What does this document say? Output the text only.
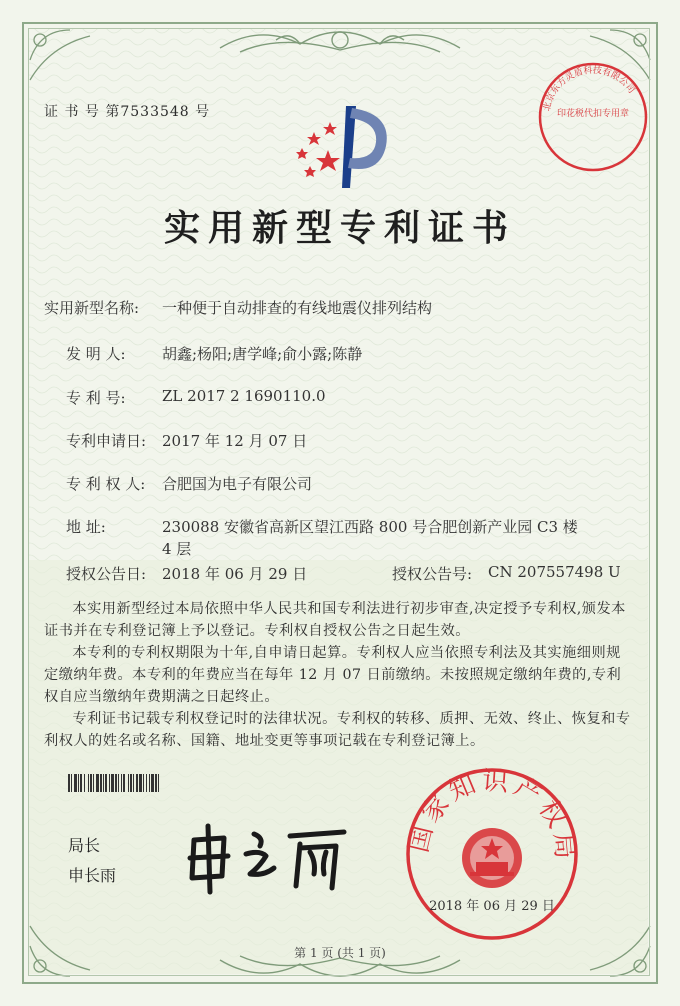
证 书 号 第7533548 号	北京东方灵盾科技有限公司
印花税代扣专用章
实用新型专利证书
实用新型名称: 一种便于自动排查的有线地震仪排列结构
发 明 人: 胡鑫;杨阳;唐学峰;俞小露;陈静
专 利 号: ZL 2017 2 1690110.0
专利申请日: 2017 年 12 月 07 日
专 利 权 人: 合肥国为电子有限公司
地 址:	230088 安徽省高新区望江西路 800 号合肥创新产业园 C3 楼
4 层
授权公告日: 2018 年 06 月 29 日	授权公告号: CN 207557498 U
本实用新型经过本局依照中华人民共和国专利法进行初步审查,决定授予专利权,颁发本证书并在专利登记簿上予以登记。专利权自授权公告之日起生效。
本专利的专利权期限为十年,自申请日起算。专利权人应当依照专利法及其实施细则规定缴纳年费。本专利的年费应当在每年 12 月 07 日前缴纳。未按照规定缴纳年费的,专利权自应当缴纳年费期满之日起终止。
专利证书记载专利权登记时的法律状况。专利权的转移、质押、无效、终止、恢复和专利权人的姓名或名称、国籍、地址变更等事项记载在专利登记簿上。
局长
申长雨
国家知识产权局
2018 年 06 月 29 日
第 1 页 (共 1 页)
